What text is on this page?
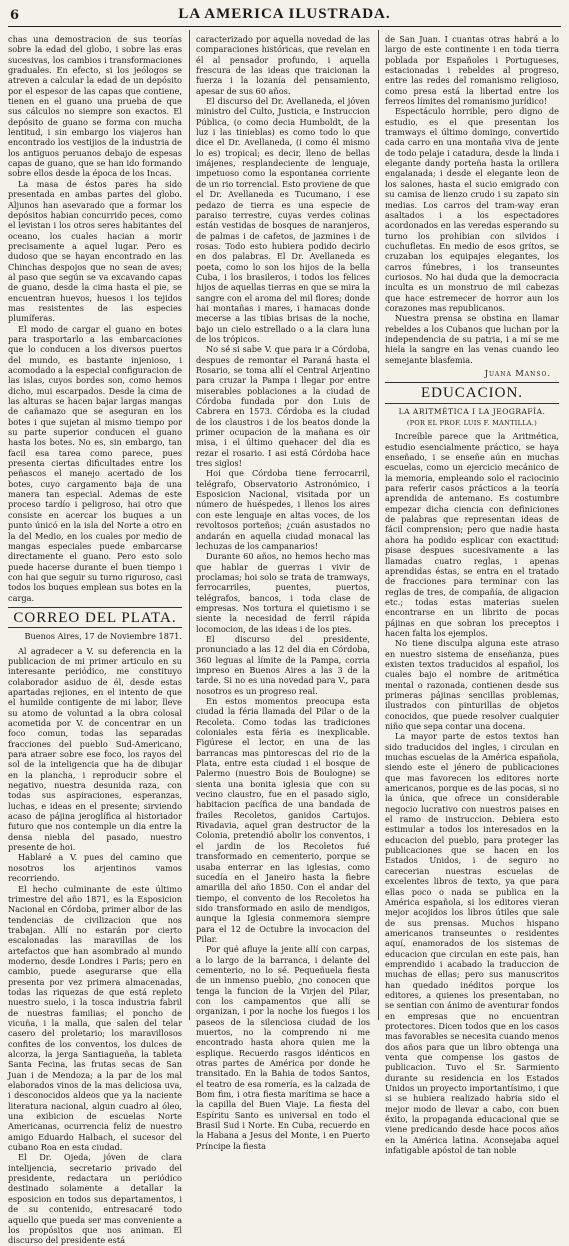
6	LA AMERICA ILUSTRADA.

chas una demostracion de sus teorías sobre la edad del globo, i sobre las eras sucesivas, los cambios i transformaciones graduales. En efecto, si los jeólogos se atreven a calcular la edad de un depósito por el espesor de las capas que contiene, tienen en el guano una prueba de que sus cálculos no siempre son exactos. El depósito de guano se forma con mucha lentitud, i sin embargo los viajeros han encontrado los vestijios de la industria de los antiguos peruanos debajo de espesas capas de guano, que se han ido formando sobre ellos desde la época de los Incas.

La masa de éstos pares ha sido presentada en ambas partes del globo. Aljunos han asevarado que a formar los depósitos habian concurrido peces, como el levistan i los otros seres habitantes del oceano, los cuales hacian a morir precisamente a aquel lugar. Pero es dudoso que se hayan encontrado en las Chinchas despojos que no sean de aves; al paso que según se va excavando capas de guano, desde la cima hasta el pie, se encuentran huevos, huesos i los tejidos mas resistentes de las especies plumíferas.

El modo de cargar el guano en botes para trasportarlo a las embarcaciones que lo conducen a los diversos puertos del mundo, es bastante injenioso, i acomodado a la especial configuracion de las islas, cuyos bordes son, como hemos dicho, mui escarpados. Desde la cima de las alturas se hacen bajar largas mangas de cañamazo que se aseguran en los botes i que sujetan al mismo tiempo por su parte superior conducen el guano hasta los botes. No es, sin embargo, tan facil esa tarea como parece, pues presenta ciertas dificultades entre los peñascos el manejo acertado de los botes, cuyo cargamento baja de una manera tan especial. Ademas de este proceso tardío i peligroso, hai otro que consiste en acercar los buques a un punto únicó en la isla del Norte a otro en la del Medio, en los cuales por medio de mangas especiales puede embarcarse directamente el guano. Pero esto solo puede hacerse durante el buen tiempo i con hai que seguir su turno riguroso, casi todos los buques emplean sus botes en la carga.

CORREO DEL PLATA.

Buenos Aires, 17 de Noviembre 1871.

Al agradecer a V. su deferencia en la publicacion de mi primer articulo en su interesante periódico, me constituyo colaborador asiduo de él, desde estas apartadas rejiones, en el intento de que el humilde contigente de mi labor, lleve su atomo de voluntad a la obra colosal acometida por V. de concentrar en un foco comun, todas las separadas fracciones del pueblo Sud-Americano, para atraer sobre ese foco, los rayos del sol de la inteligencia que ha de dibujar en la plancha, i reproducir sobre el negativo, nuestra desunida raza, con todas sus aspiraciones, esperanzas, luchas, e ideas en el presente; sirviendo acaso de pájina jeroglífica al historiador futuro que nos contemple un dia entre la densa niebla del pasado, nuestro presente de hoi.

Hablaré a V. pues del camino que nosotros los arjentinos vamos recorriendo.

El hecho culminante de este último trimestre del año 1871, es la Esposicion Nacional en Córdoba, primer albor de las tendencias de civilizacion que nos trabajan. Allí no estarán por cierto escalonadas las maravillas de los artefactos que han asombrado al mundo moderno, desde Londres i Paris; pero en cambio, puede asegurarse que ella presenta por vez primera almacenadas, todas las riquezas de que está repleto nuestro suelo, i la tosca industria fabril de nuestras familias; el poncho de vicuña, i la malla, que salen del telar casero del proletario; los maravillosos confites de los conventos, los dulces de alcorza, la jerga Santiagueña, la tableta Santa Fecina, las frutas secas de San Juan i de Mendoza; a la par de los mal elaborados vinos de la mas deliciosa uva, i desconocidos aldeos que ya la naciente literatura nacional, algun cuadro al óleo, una exibicion de escuelas Norte Americanas, ocurrencia feliz de nuestro amigo Eduardo Halbach, el sucesor del cubano Roa en esta ciudad.

El Dr. Ojeda, jóven de clara intelijencia, secretario privado del presidente, redactara un periódico destinado solamente a detallar la esposicion en todos sus departamentos, i de su contenido, entresacaré todo aquello que pueda ser mas conveniente a los propósitos que nos animan. El discurso del presidente está

caracterizado por aquella novedad de las comparaciones históricas, que revelan en él al pensador profundo, i aquella frescura de las ideas que traicionan la fuerza i la lozanía del pensamiento, apesar de sus 60 años.

El discurso del Dr. Avellaneda, el jóven ministro del Culto, Justicia, e Instruccion Pública, (o como decia Humboldt, de la luz i las tinieblas) es como todo lo que dice el Dr. Avellaneda, (i como él mismo lo es) tropical; es decir, lleno de bellas imájenes, resplandeciente de lenguaje, impetuoso como la espontanea corriente de un rio torrencial. Esto proviene de que el Dr. Avellaneda es Tucumano, i ese pedazo de tierra es una especie de paraiso terrestre, cuyas verdes colinas están vestidas de bosques de naranjeros, de palmas i de cafetos, de jazmines i de rosas. Todo esto hubiera podido decirlo en dos palabras. El Dr. Avellaneda es poeta, como lo son los hijos de la bella Cuba, i los brasileros, i todos los felices hijos de aquellas tierras en que se mira la sangre con el aroma del mil flores; donde hai montañas i mares, i hamacas donde mecerse a las tibias brisas de la noche, bajo un cielo estrellado o a la clara luna de los trópicos.

No sé si sabe V. que para ir a Córdoba, despues de remontar el Paraná hasta el Rosario, se toma allí el Central Arjentino para cruzar la Pampa i llegar por entre miserables poblaciones a la ciudad de Córdoba fundada por don Luis de Cabrera en 1573. Córdoba es la ciudad de los claustros i de los beatos donde la primer ocupacion de la mañana es oir misa, i el último quehacer del dia es rezar el rosario. I asi está Córdoba hace tres siglos!

Hoi que Córdoba tiene ferrocarril, telégrafo, Observatorio Astronómico, i Esposicion Nacional, visitada por un número de huéspedes, i llenos los aires con este lenguaje en altas voces, de los revoltosos porteños; ¿cuán asustados no andarán en aquella ciudad monacal las lechuzas de los campanarios!

Durante 60 años, no hemos hecho mas que hablar de guerras i vivir de proclamas; hoi solo se trata de tramways, ferrocarriles, puentes, puertos, telégrafos, bancos, i toda clase de empresas. Nos tortura el quietismo i se siente la necesidad de ferril rápida locomocion, de las ideas i de los pies.

El discurso del presidente, pronunciado a las 12 del dia en Córdoba, 360 leguas al límite de la Pampa, corria impreso en Buenos Aires a las 3 de la tarde. Si no es una novedad para V., para nosotros es un progreso real.

En estos momentos preocupa esta ciudad la féria llamada del Pilar o de la Recoleta. Como todas las tradiciones coloniales esta féria es inexplicable. Figúrese el lector, en una de las barrancas mas pintorescas del rio de la Plata, entre esta ciudad i el bosque de Palermo (nuestro Bois de Boulogne) se sienta una bonita iglesia que con su vecino claustro, fue en el pasado siglo, habitacion pacífica de una bandada de frailes Recoletos, ganidos Cartujos. Rivadavia, aquel gran destructor de la Colonia, pretendió abolir los conventos, i el jardin de los Recoletos fué transformado en cementerio, porque se usaba enterrar en las iglesias, como sucedía en el Janeiro hasta la fiebre amarilla del año 1850. Con el andar del tiempo, el convento de los Recoletos ha sido transformado en asilo de mendigos, aunque la Iglesia conmemora siempre para el 12 de Octubre la invocacion del Pilar.

Por qué afluye la jente allí con carpas, a lo largo de la barranca, i delante del cementerio, no lo sé. Pequeñuela fiesta de un inmenso pueblo, ¿no conocen que tenga la funcion de la Virjen del Pilar, con los campamentos que allí se organizan, i por la noche los fuegos i los paseos de la silenciosa ciudad de los muertos, no la comprendo ni me encontrado hasta ahora quien me la esplique. Recuerdo rasgos idénticos en otras partes de América por donde he transitado. En la Bahia de todos Santos, el teatro de esa romería, es la calzada de Bom fim, i otra fiesta marítima se hace a la capilla del Buen Viaje. La fiesta del Espíritu Santo es universal en todo el Brasil Sud i Norte. En Cuba, recuerdo en la Habana a Jesus del Monte, i en Puerto Príncipe la fiesta

de San Juan. I cuantas otras habrá a lo largo de este continente i en toda tierra poblada por Españoles i Portugueses, estacionadas i rebeldes al progreso, entre las redes del romanismo religioso, como presa está la libertad entre los ferreos límites del romanismo jurídico!

Espectáculo horrible, pero digno de estudio, es el que presentan los tramways el último domingo, convertido cada carro en una montaña viva de jente de todo pelaje i catadura, desde la linda i elegante dandy porteña hasta la orillera engalanada; i desde el elegante leon de los salones, hasta el sucio emigrado con su camisa de lienzo crudo i su zapato sin medias. Los carros del tram-way eran asaltados i a los espectadores acordonados en las veredas esperando su turno los prohibian con silvidos i cuchufletas. En medio de esos grítos, se cruzaban los equipajes elegantes, los carros fúnebres, i los transeuntes curiosos. No hai duda que la democracia inculta es un monstruo de mil cabezas que hace estremecer de horror aun los corazones mas republicanos.

Nuestra prensa se obstina en llamar rebeldes a los Cubanos que luchan por la independencia de su patria, i a mí se me hiela la sangre en las venas cuando leo semejante blasfemia.

Juana Manso.

EDUCACION.

LA ARITMÉTICA I LA JEOGRAFÍA.

(POR EL PROF. LUIS F. MANTILLA.)

Increíble parece que la Aritmética, estudio esencialmente práctico, se haya enseñado, i se enseñe aún en muchas escuelas, como un ejercicio mecánico de la memoria, empleando solo el raciocinio para referir casos prácticos a la teoría aprendida de antemano. Es costumbre empezar dicha ciencia con definiciones de palabras que representan ideas de fácil comprension; pero que nadie hasta ahora ha podido esplicar con exactitud: pisase despues sucesivamente a las llamadas cuatro reglas, i apenas aprendidas éstas, se entra en el tratado de fracciones para terminar con las reglas de tres, de compañía, de aligacion etc.; todas estas materias suelen encontrarse en un librito de pocas pájinas en que sobran los preceptos i hacen falta los ejemplos.

No tiene disculpa alguna este atraso en nuestro sistema de enseñanza, pues existen textos traducidos al español, los cuales bajo el nombre de aritmética mental o razonada, contienen desde sus primeras pájinas sencillas problemas, ilustrados con pinturillas de objetos conocidos, que puede resolver cualquier niño que sepa contar una docena.

La mayor parte de estos textos han sido traducidos del ingles, i circulan en muchas escuelas de la América española, siendo este el jénero de publicaciones que mas favorecen los editores norte americanos, porque es de las pocas, si no la única, que ofrece un considerable negocio lucrativo con nuestros paises en el ramo de instruccion. Debiera esto estimular a todos los interesados en la educacion del pueblo, para proteger las publicaciones que se hacen en los Estados Unidos, i de seguro no carecerian nuestras escuelas de excelentes libros de texto, ya que para ellas poco o nada se publica en la América española, si los editores vieran mejor acojidos los libros útiles que sale de sus prensas. Muchos hispano americanos transeuntes o residentes aquí, enamorados de los sistemas de educacion que circulan en este pais, han emprendido i acabado la traduccion de muchas de ellas; pero sus manuscritos han quedado inéditos porque los editores, a quienes los presentaban, no se sentian con ánimo de aventurar fondos en empresas que no encuentran protectores. Dicen todos que en los casos mas favorables se necesita cuando menos dos años para que un libro obtenga una venta que compense los gastos de publicacion. Tuvo el Sr. Sarmiento durante su residencia en los Estados Unidos un proyecto importantísimo, i que si se hubiera realizado habria sido el mejor modo de llevar a cabo, con buen éxito, la propaganda educacional que se viene predicando desde hace pocos años en la América latina. Aconsejaba aquel infatigable apóstol de tan noble
